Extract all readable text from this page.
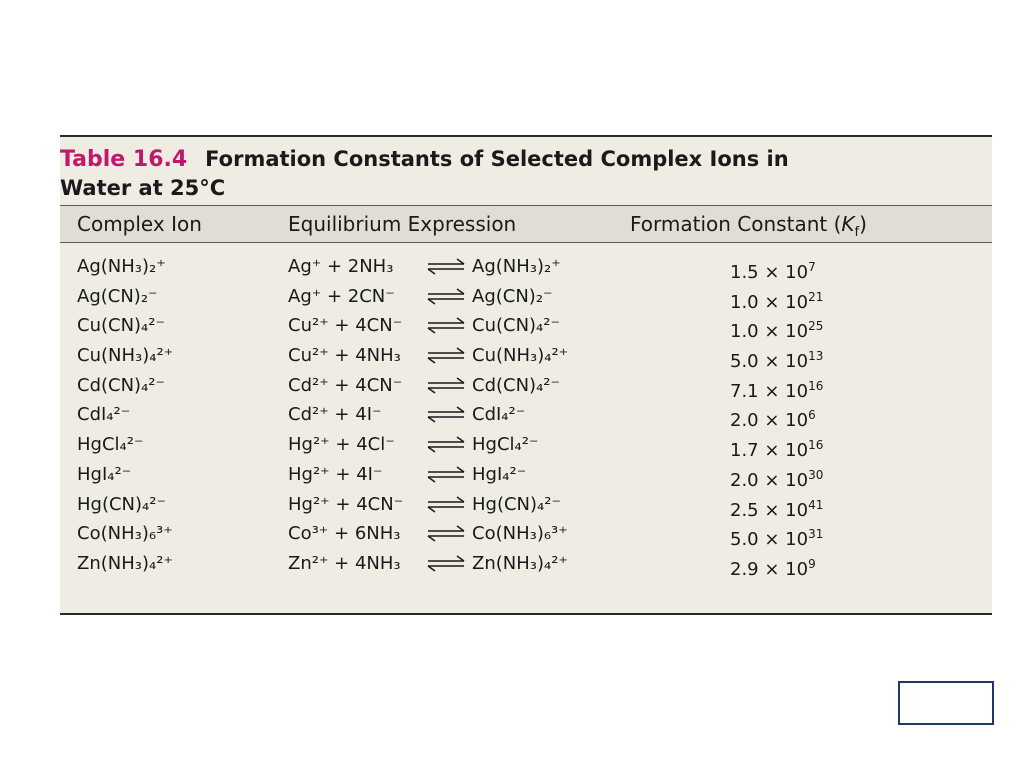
Table 16.4 Formation Constants of Selected Complex Ions in
Water at 25°C
Complex Ion	Equilibrium Expression	Formation Constant $(K_f)$
Ag(NH₃)₂⁺	Ag⁺ + 2NH₃ ⇌ Ag(NH₃)₂⁺	$1.5 \times 10^7$
Ag(CN)₂⁻	Ag⁺ + 2CN⁻ ⇌ Ag(CN)₂⁻	$1.0 \times 10^{21}$
Cu(CN)₄²⁻	Cu²⁺ + 4CN⁻ ⇌ Cu(CN)₄²⁻	$1.0 \times 10^{25}$
Cu(NH₃)₄²⁺	Cu²⁺ + 4NH₃ ⇌ Cu(NH₃)₄²⁺	$5.0 \times 10^{13}$
Cd(CN)₄²⁻	Cd²⁺ + 4CN⁻ ⇌ Cd(CN)₄²⁻	$7.1 \times 10^{16}$
CdI₄²⁻	Cd²⁺ + 4I⁻ ⇌ CdI₄²⁻	$2.0 \times 10^6$
HgCl₄²⁻	Hg²⁺ + 4Cl⁻ ⇌ HgCl₄²⁻	$1.7 \times 10^{16}$
HgI₄²⁻	Hg²⁺ + 4I⁻ ⇌ HgI₄²⁻	$2.0 \times 10^{30}$
Hg(CN)₄²⁻	Hg²⁺ + 4CN⁻ ⇌ Hg(CN)₄²⁻	$2.5 \times 10^{41}$
Co(NH₃)₆³⁺	Co³⁺ + 6NH₃ ⇌ Co(NH₃)₆³⁺	$5.0 \times 10^{31}$
Zn(NH₃)₄²⁺	Zn²⁺ + 4NH₃ ⇌ Zn(NH₃)₄²⁺	$2.9 \times 10^9$
